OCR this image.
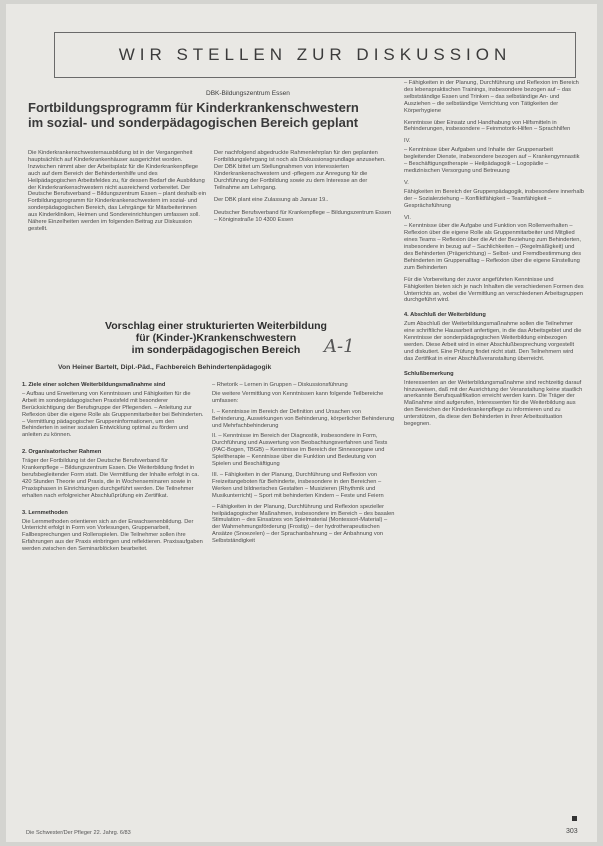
WIR STELLEN ZUR DISKUSSION
DBK-Bildungszentrum Essen
Fortbildungsprogramm für Kinderkrankenschwestern
im sozial- und sonderpädagogischen Bereich geplant

Die Kinderkrankenschwesternausbildung ist in der Vergangenheit hauptsächlich auf Kinderkrankenhäuser ausgerichtet worden. Inzwischen nimmt aber der Arbeitsplatz für die Kinderkrankenpflege auch auf dem Bereich der Behindertenhilfe und des Heilpädagogischen Arbeitsfeldes zu, für dessen Bedarf die Ausbildung der Kinderkrankenschwestern nicht ausreichend vorbereitet. Der Deutsche Berufsverband – Bildungszentrum Essen – plant deshalb ein Fortbildungsprogramm für Kinderkrankenschwestern im sozial- und sonderpädagogischen Bereich, das Lehrgänge für Mitarbeiterinnen aus Kinderkliniken, Heimen und Sondereinrichtungen umfassen soll. Nähere Einzelheiten werden im folgenden Beitrag zur Diskussion gestellt.

Der nachfolgend abgedruckte Rahmenlehrplan für den geplanten Fortbildungslehrgang ist noch als Diskussionsgrundlage anzusehen. Der DBK bittet um Stellungnahmen von interessierten Kinderkrankenschwestern und -pflegern zur Anregung für die Durchführung der Fortbildung sowie zu dem Interesse an der Teilnahme am Lehrgang.

Der DBK plant eine Zulassung ab Januar 19..

Deutscher Berufsverband für Krankenpflege – Bildungszentrum Essen – Königinstraße 10 4300 Essen

Vorschlag einer strukturierten Weiterbildung
für (Kinder-)Krankenschwestern
im sonderpädagogischen Bereich	A-1
Von Heiner Bartelt, Dipl.-Päd., Fachbereich Behindertenpädagogik

1. Ziele einer solchen Weiterbildungsmaßnahme sind

– Aufbau und Erweiterung von Kenntnissen und Fähigkeiten für die Arbeit im sonderpädagogischen Praxisfeld mit besonderer Berücksichtigung der Berufsgruppe der Pflegenden. – Anleitung zur Reflexion über die eigene Rolle als Gruppenmitarbeiter bei Behinderten. – Vermittlung pädagogischer Gruppeninformationen, um den Behinderten in seiner sozialen Entwicklung optimal zu fördern und anleiten zu können.

2. Organisatorischer Rahmen

Träger der Fortbildung ist der Deutsche Berufsverband für Krankenpflege – Bildungszentrum Essen. Die Weiterbildung findet in berufsbegleitender Form statt. Die Vermittlung der Inhalte erfolgt in ca. 420 Stunden Theorie und Praxis, die in Wochenseminaren sowie in Praxisphasen in Einrichtungen durchgeführt werden. Die Teilnehmer erhalten nach erfolgreicher Abschlußprüfung ein Zertifikat.

3. Lernmethoden

Die Lernmethoden orientieren sich an der Erwachsenenbildung. Der Unterricht erfolgt in Form von Vorlesungen, Gruppenarbeit, Fallbesprechungen und Rollenspielen. Die Teilnehmer sollen ihre Erfahrungen aus der Praxis einbringen und reflektieren. Praxisaufgaben werden zwischen den Seminarblöcken bearbeitet.

– Rhetorik – Lernen in Gruppen – Diskussionsführung

Die weitere Vermittlung von Kenntnissen kann folgende Teilbereiche umfassen:

I. – Kenntnisse im Bereich der Definition und Ursachen von Behinderung, Auswirkungen von Behinderung, körperlicher Behinderung und Mehrfachbehinderung

II. – Kenntnisse im Bereich der Diagnostik, insbesondere in Form, Durchführung und Auswertung von Beobachtungsverfahren und Tests (PAC-Bogen, TBGB) – Kenntnisse im Bereich der Sinnesorgane und Spieltherapie – Kenntnisse über die Funktion und Bedeutung von Spielen und Beschäftigung

III. – Fähigkeiten in der Planung, Durchführung und Reflexion von Freizeitangeboten für Behinderte, insbesondere in den Bereichen – Werken und bildnerisches Gestalten – Musizieren (Rhythmik und Musikunterricht) – Sport mit behinderten Kindern – Feste und Feiern

– Fähigkeiten in der Planung, Durchführung und Reflexion spezieller heilpädagogischer Maßnahmen, insbesondere im Bereich – des basalen Stimulation – des Einsatzes von Spielmaterial (Montessori-Material) – der Wahrnehmungsförderung (Frostig) – der hydrotherapeutischen Ansätze (Snoezelen) – der Sprachanbahnung – der Anbahnung von Selbstständigkeit

– Fähigkeiten in der Planung, Durchführung und Reflexion im Bereich des lebenspraktischen Trainings, insbesondere bezogen auf – das selbstständige Essen und Trinken – das selbständige An- und Ausziehen – die selbständige Verrichtung von Tätigkeiten der Körperhygiene

Kenntnisse über Einsatz und Handhabung von Hilfsmitteln in Behinderungen, insbesondere – Feinmotorik-Hilfen – Sprachhilfen

IV.

– Kenntnisse über Aufgaben und Inhalte der Gruppenarbeit begleitender Dienste, insbesondere bezogen auf – Krankengymnastik – Beschäftigungstherapie – Heilpädagogik – Logopädie – medizinischen Versorgung und Betreuung

V.

Fähigkeiten im Bereich der Gruppenpädagogik, insbesondere innerhalb der – Sozialerziehung – Konfliktfähigkeit – Teamfähigkeit – Gesprächsführung

VI.

– Kenntnisse über die Aufgabe und Funktion von Rollenverhalten – Reflexion über die eigene Rolle als Gruppenmitarbeiter und Mitglied eines Teams – Reflexion über die Art der Beziehung zum Behinderten, insbesondere in bezug auf – Sachlichkeiten – (Regelmäßigkeit) und des Behinderten (Prägerichtung) – Selbst- und Fremdbestimmung des Behinderten im Gruppenalltag – Reflexion über die eigene Einstellung zum Behinderten

Für die Vorbereitung der zuvor angeführten Kenntnisse und Fähigkeiten bieten sich je nach Inhalten die verschiedenen Formen des Unterrichts an, wobei die Vermittlung an verschiedenen Arbeitsgruppen durchgeführt wird.

4. Abschluß der Weiterbildung

Zum Abschluß der Weiterbildungsmaßnahme sollen die Teilnehmer eine schriftliche Hausarbeit anfertigen, in die das Arbeitsgebiet und die Kenntnisse der sonderpädagogischen Weiterbildung einbezogen werden. Diese Arbeit wird in einer Abschlußbesprechung vorgestellt und diskutiert. Eine Prüfung findet nicht statt. Den Teilnehmern wird das Zertifikat in einer Abschlußveranstaltung überreicht.

Schlußbemerkung

Interessenten an der Weiterbildungsmaßnahme sind rechtzeitig darauf hinzuweisen, daß mit der Ausrichtung der Veranstaltung keine staatlich anerkannte Berufsqualifikation erreicht werden kann. Die Träger der Maßnahme sind aufgerufen, Interessenten für die Weiterbildung aus den Bereichen der Kinderkrankenpflege zu informieren und zu unterstützen, da diese den Behinderten in ihrer Arbeitssituation begegnen.

Die Schwester/Der Pfleger 22. Jahrg. 6/83	303
